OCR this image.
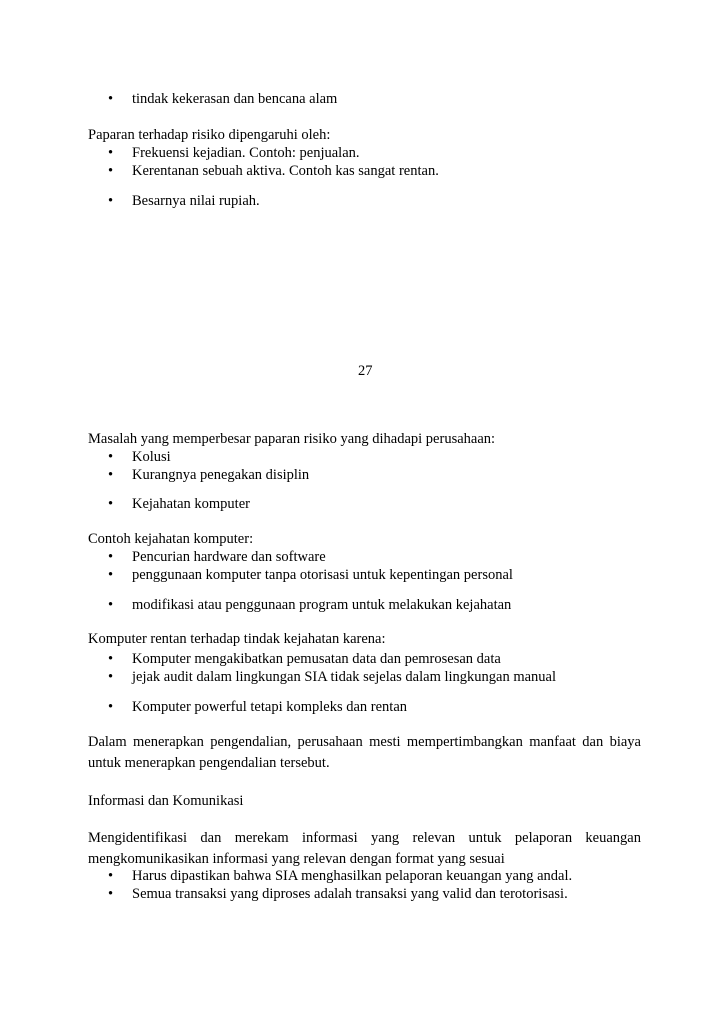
• tindak kekerasan dan bencana alam
Paparan terhadap risiko dipengaruhi oleh:
• Frekuensi kejadian. Contoh: penjualan.
• Kerentanan sebuah aktiva. Contoh kas sangat rentan.
• Besarnya nilai rupiah.
27
Masalah yang memperbesar paparan risiko yang dihadapi perusahaan:
• Kolusi
• Kurangnya penegakan disiplin
• Kejahatan komputer
Contoh kejahatan komputer:
• Pencurian hardware dan software
• penggunaan komputer tanpa otorisasi untuk kepentingan personal
• modifikasi atau penggunaan program untuk melakukan kejahatan
Komputer rentan terhadap tindak kejahatan karena:
• Komputer mengakibatkan pemusatan data dan pemrosesan data
• jejak audit dalam lingkungan SIA tidak sejelas dalam lingkungan manual
• Komputer powerful tetapi kompleks dan rentan
Dalam menerapkan pengendalian, perusahaan mesti mempertimbangkan manfaat dan biaya
untuk menerapkan pengendalian tersebut.
Informasi dan Komunikasi
Mengidentifikasi dan merekam informasi yang relevan untuk pelaporan keuangan
mengkomunikasikan informasi yang relevan dengan format yang sesuai
• Harus dipastikan bahwa SIA menghasilkan pelaporan keuangan yang andal.
• Semua transaksi yang diproses adalah transaksi yang valid dan terotorisasi.
